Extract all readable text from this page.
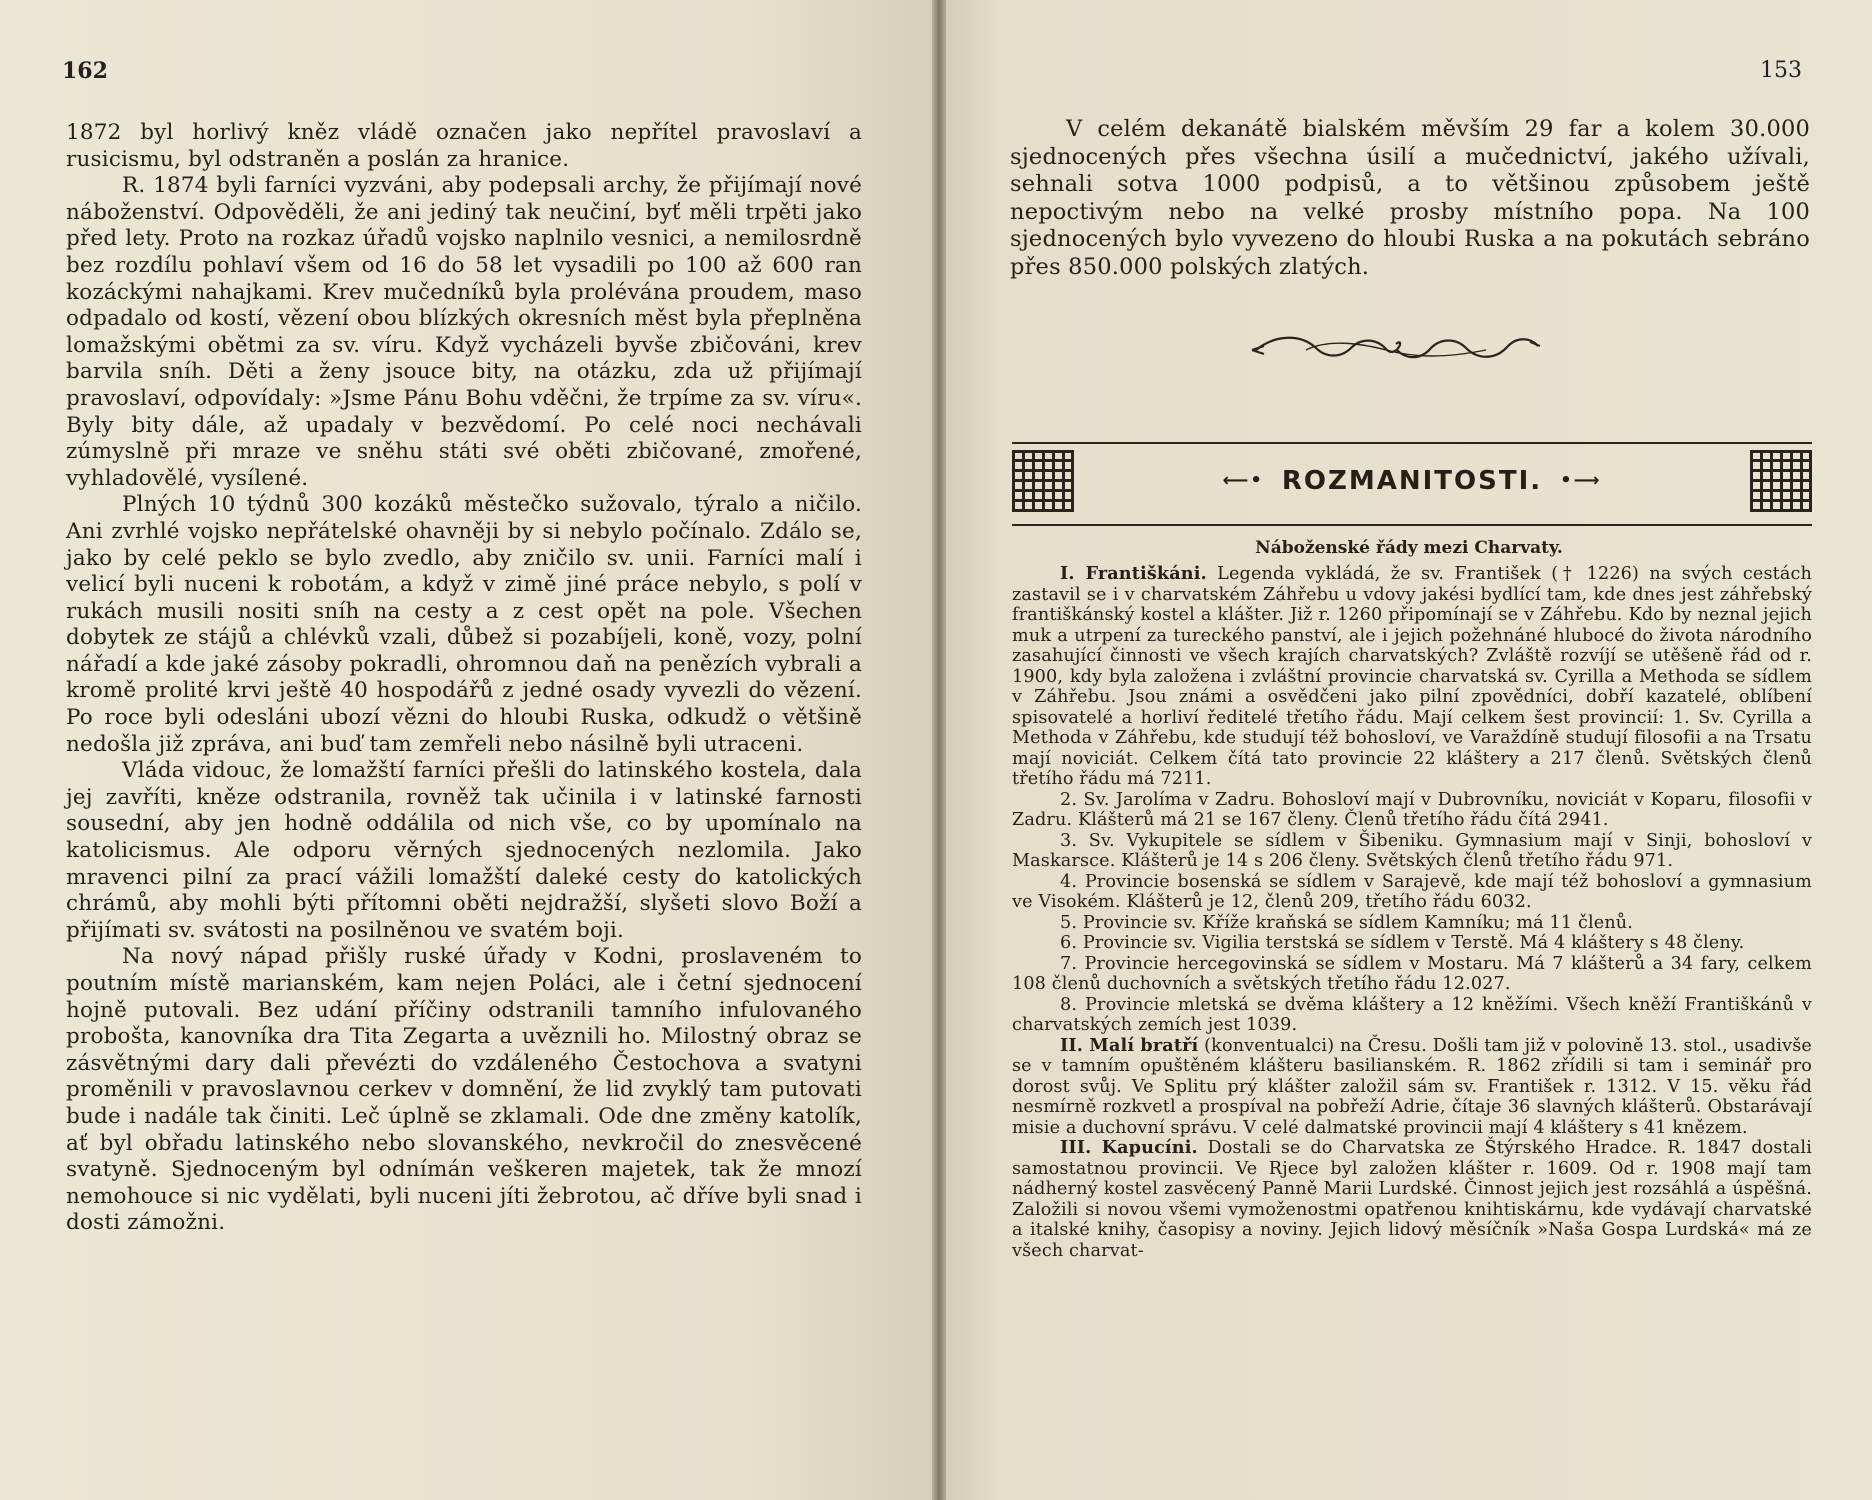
162

1872 byl horlivý kněz vládě označen jako nepřítel pravoslaví a rusicismu, byl odstraněn a poslán za hranice.

R. 1874 byli farníci vyzváni, aby podepsali archy, že přijímají nové náboženství. Odpověděli, že ani jediný tak neučiní, byť měli trpěti jako před lety. Proto na rozkaz úřadů vojsko naplnilo vesnici, a nemilosrdně bez rozdílu pohlaví všem od 16 do 58 let vysadili po 100 až 600 ran kozáckými nahajkami. Krev mučedníků byla prolévána proudem, maso odpadalo od kostí, vězení obou blízkých okresních měst byla přeplněna lomažskými obětmi za sv. víru. Když vycházeli byvše zbičováni, krev barvila sníh. Děti a ženy jsouce bity, na otázku, zda už přijímají pravoslaví, odpovídaly: »Jsme Pánu Bohu vděčni, že trpíme za sv. víru«. Byly bity dále, až upadaly v bezvědomí. Po celé noci nechávali zúmyslně při mraze ve sněhu státi své oběti zbičované, zmořené, vyhladovělé, vysílené.

Plných 10 týdnů 300 kozáků městečko sužovalo, týralo a ničilo. Ani zvrhlé vojsko nepřátelské ohavněji by si nebylo počínalo. Zdálo se, jako by celé peklo se bylo zvedlo, aby zničilo sv. unii. Farníci malí i velicí byli nuceni k robotám, a když v zimě jiné práce nebylo, s polí v rukách musili nositi sníh na cesty a z cest opět na pole. Všechen dobytek ze stájů a chlévků vzali, důbež si pozabíjeli, koně, vozy, polní nářadí a kde jaké zásoby pokradli, ohromnou daň na penězích vybrali a kromě prolité krvi ještě 40 hospodářů z jedné osady vyvezli do vězení. Po roce byli odesláni ubozí vězni do hloubi Ruska, odkudž o většině nedošla již zpráva, ani buď tam zemřeli nebo násilně byli utraceni.

Vláda vidouc, že lomažští farníci přešli do latinského kostela, dala jej zavříti, kněze odstranila, rovněž tak učinila i v latinské farnosti sousední, aby jen hodně oddálila od nich vše, co by upomínalo na katolicismus. Ale odporu věrných sjednocených nezlomila. Jako mravenci pilní za prací vážili lomažští daleké cesty do katolických chrámů, aby mohli býti přítomni oběti nejdražší, slyšeti slovo Boží a přijímati sv. svátosti na posilněnou ve svatém boji.

Na nový nápad přišly ruské úřady v Kodni, proslaveném to poutním místě marianském, kam nejen Poláci, ale i četní sjednocení hojně putovali. Bez udání příčiny odstranili tamního infulovaného probošta, kanovníka dra Tita Zegarta a uvěznili ho. Milostný obraz se zásvětnými dary dali převézti do vzdáleného Čestochova a svatyni proměnili v pravoslavnou cerkev v domnění, že lid zvyklý tam putovati bude i nadále tak činiti. Leč úplně se zklamali. Ode dne změny katolík, ať byl obřadu latinského nebo slovanského, nevkročil do znesvěcené svatyně. Sjednoceným byl odnímán veškeren majetek, tak že mnozí nemohouce si nic vydělati, byli nuceni jíti žebrotou, ač dříve byli snad i dosti zámožni.

153

V celém dekanátě bialském měvším 29 far a kolem 30.000 sjednocených přes všechna úsilí a mučednictví, jakého užívali, sehnali sotva 1000 podpisů, a to většinou způsobem ještě nepoctivým nebo na velké prosby místního popa. Na 100 sjednocených bylo vyvezeno do hloubi Ruska a na pokutách sebráno přes 850.000 polských zlatých.

⟵• ROZMANITOSTI. •⟶
Náboženské řády mezi Charvaty.

I. Františkáni. Legenda vykládá, že sv. František († 1226) na svých cestách zastavil se i v charvatském Záhřebu u vdovy jakési bydlící tam, kde dnes jest záhřebský františkánský kostel a klášter. Již r. 1260 připomínají se v Záhřebu. Kdo by neznal jejich muk a utrpení za tureckého panství, ale i jejich požehnáné hlubocé do života národního zasahující činnosti ve všech krajích charvatských? Zvláště rozvíjí se utěšeně řád od r. 1900, kdy byla založena i zvláštní provincie charvatská sv. Cyrilla a Methoda se sídlem v Záhřebu. Jsou známi a osvědčeni jako pilní zpovědníci, dobří kazatelé, oblíbení spisovatelé a horliví ředitelé třetího řádu. Mají celkem šest provincií: 1. Sv. Cyrilla a Methoda v Záhřebu, kde studují též bohosloví, ve Varaždíně studují filosofii a na Trsatu mají noviciát. Celkem čítá tato provincie 22 kláštery a 217 členů. Světských členů třetího řádu má 7211.

2. Sv. Jarolíma v Zadru. Bohosloví mají v Dubrovníku, noviciát v Koparu, filosofii v Zadru. Klášterů má 21 se 167 členy. Členů třetího řádu čítá 2941.

3. Sv. Vykupitele se sídlem v Šibeniku. Gymnasium mají v Sinji, bohosloví v Maskarsce. Klášterů je 14 s 206 členy. Světských členů třetího řádu 971.

4. Provincie bosenská se sídlem v Sarajevě, kde mají též bohosloví a gymnasium ve Visokém. Klášterů je 12, členů 209, třetího řádu 6032.

5. Provincie sv. Kříže kraňská se sídlem Kamníku; má 11 členů.

6. Provincie sv. Vigilia terstská se sídlem v Terstě. Má 4 kláštery s 48 členy.

7. Provincie hercegovinská se sídlem v Mostaru. Má 7 klášterů a 34 fary, celkem 108 členů duchovních a světských třetího řádu 12.027.

8. Provincie mletská se dvěma kláštery a 12 kněžími. Všech kněží Františkánů v charvatských zemích jest 1039.

II. Malí bratří (konventualci) na Čresu. Došli tam již v polovině 13. stol., usadivše se v tamním opuštěném klášteru basilianském. R. 1862 zřídili si tam i seminář pro dorost svůj. Ve Splitu prý klášter založil sám sv. František r. 1312. V 15. věku řád nesmírně rozkvetl a prospíval na pobřeží Adrie, čítaje 36 slavných klášterů. Obstarávají misie a duchovní správu. V celé dalmatské provincii mají 4 kláštery s 41 knězem.

III. Kapucíni. Dostali se do Charvatska ze Štýrského Hradce. R. 1847 dostali samostatnou provincii. Ve Rjece byl založen klášter r. 1609. Od r. 1908 mají tam nádherný kostel zasvěcený Panně Marii Lurdské. Činnost jejich jest rozsáhlá a úspěšná. Založili si novou všemi vymoženostmi opatřenou knihtiskárnu, kde vydávají charvatské a italské knihy, časopisy a noviny. Jejich lidový měsíčník »Naša Gospa Lurdská« má ze všech charvat-
